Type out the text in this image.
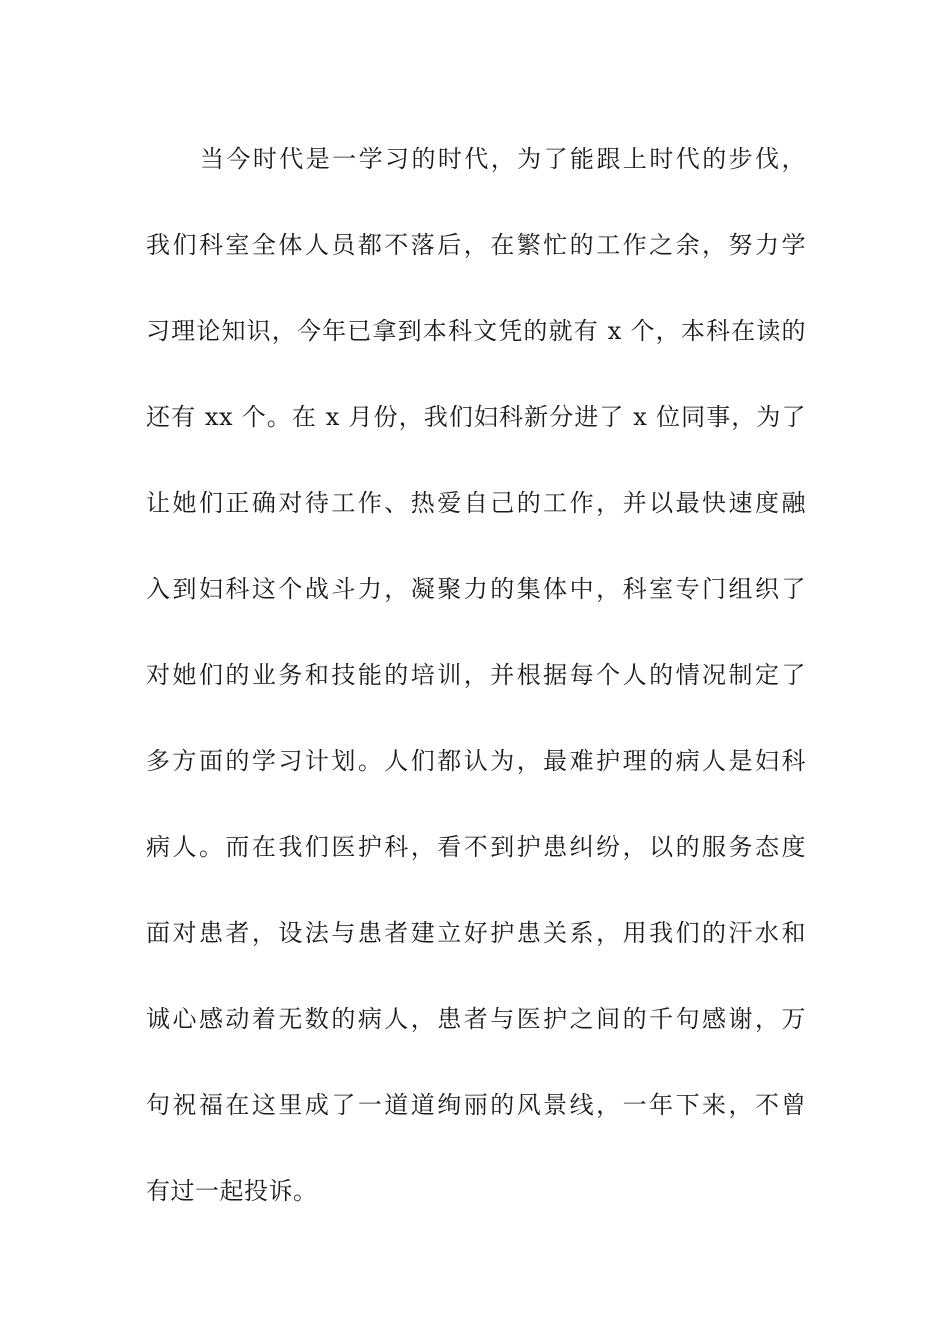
当今时代是一学习的时代，为了能跟上时代的步伐，
我们科室全体人员都不落后，在繁忙的工作之余，努力学
习理论知识，今年已拿到本科文凭的就有 x 个，本科在读的
还有 xx 个。在 x 月份，我们妇科新分进了 x 位同事，为了
让她们正确对待工作、热爱自己的工作，并以最快速度融
入到妇科这个战斗力，凝聚力的集体中，科室专门组织了
对她们的业务和技能的培训，并根据每个人的情况制定了
多方面的学习计划。人们都认为，最难护理的病人是妇科
病人。而在我们医护科，看不到护患纠纷，以的服务态度
面对患者，设法与患者建立好护患关系，用我们的汗水和
诚心感动着无数的病人，患者与医护之间的千句感谢，万
句祝福在这里成了一道道绚丽的风景线，一年下来，不曾
有过一起投诉。
